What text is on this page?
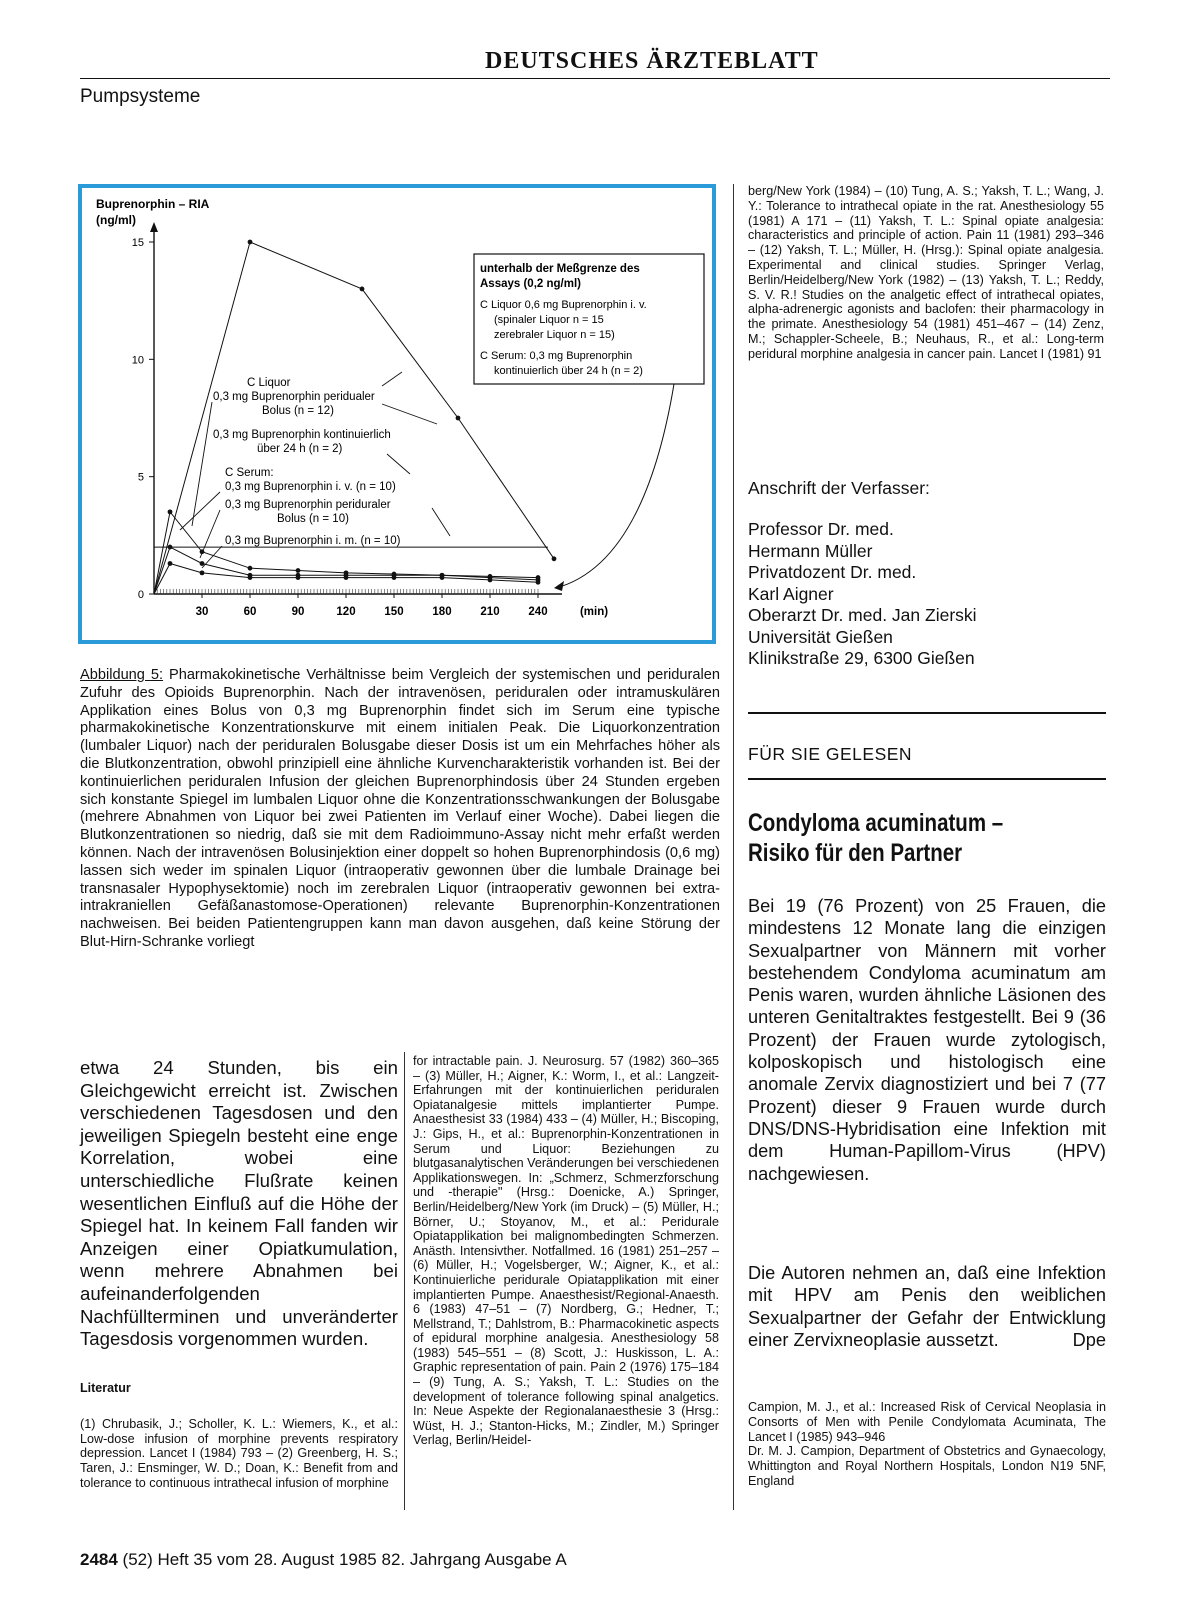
DEUTSCHES ÄRZTEBLATT
Pumpsysteme
0
5
10
15
30	60	90	120	150	180	210	240	(min)
Buprenorphin – RIA
(ng/ml)
unterhalb der Meßgrenze des
Assays (0,2 ng/ml)
C Liquor 0,6 mg Buprenorphin i. v.
(spinaler Liquor n = 15
zerebraler Liquor n = 15)
C Serum: 0,3 mg Buprenorphin
kontinuierlich über 24 h (n = 2)
C Liquor
0,3 mg Buprenorphin peridualer
Bolus (n = 12)
0,3 mg Buprenorphin kontinuierlich
über 24 h (n = 2)
C Serum:
0,3 mg Buprenorphin i. v. (n = 10)
0,3 mg Buprenorphin periduraler
Bolus (n = 10)
0,3 mg Buprenorphin i. m. (n = 10)
Abbildung 5: Pharmakokinetische Verhältnisse beim Vergleich der systemischen und periduralen Zufuhr des Opioids Buprenorphin. Nach der intravenösen, periduralen oder intramuskulären Applikation eines Bolus von 0,3 mg Buprenorphin findet sich im Serum eine typische pharmakokinetische Konzentrationskurve mit einem initialen Peak. Die Liquorkonzentration (lumbaler Liquor) nach der periduralen Bolusgabe dieser Dosis ist um ein Mehrfaches höher als die Blutkonzentration, obwohl prinzipiell eine ähnliche Kurvencharakteristik vorhanden ist. Bei der kontinuierlichen periduralen Infusion der gleichen Buprenorphindosis über 24 Stunden ergeben sich konstante Spiegel im lumbalen Liquor ohne die Konzentrationsschwankungen der Bolusgabe (mehrere Abnahmen von Liquor bei zwei Patienten im Verlauf einer Woche). Dabei liegen die Blutkonzentrationen so niedrig, daß sie mit dem Radioimmuno-Assay nicht mehr erfaßt werden können. Nach der intravenösen Bolusinjektion einer doppelt so hohen Buprenorphindosis (0,6 mg) lassen sich weder im spinalen Liquor (intraoperativ gewonnen über die lumbale Drainage bei transnasaler Hypophysektomie) noch im zerebralen Liquor (intraoperativ gewonnen bei extra-intrakraniellen Gefäßanastomose-Operationen) relevante Buprenorphin-Konzentrationen nachweisen. Bei beiden Patientengruppen kann man davon ausgehen, daß keine Störung der Blut-Hirn-Schranke vorliegt
etwa 24 Stunden, bis ein Gleichgewicht erreicht ist. Zwischen verschiedenen Tagesdosen und den jeweiligen Spiegeln besteht eine enge Korrelation, wobei eine unterschiedliche Flußrate keinen wesentlichen Einfluß auf die Höhe der Spiegel hat. In keinem Fall fanden wir Anzeigen einer Opiatkumulation, wenn mehrere Abnahmen bei aufeinanderfolgenden Nachfüllterminen und unveränderter Tagesdosis vorgenommen wurden.
Literatur
(1) Chrubasik, J.; Scholler, K. L.: Wiemers, K., et al.: Low-dose infusion of morphine prevents respiratory depression. Lancet I (1984) 793 – (2) Greenberg, H. S.; Taren, J.: Ensminger, W. D.; Doan, K.: Benefit from and tolerance to continuous intrathecal infusion of morphine
for intractable pain. J. Neurosurg. 57 (1982) 360–365 – (3) Müller, H.; Aigner, K.: Worm, I., et al.: Langzeit-Erfahrungen mit der kontinuierlichen periduralen Opiatanalgesie mittels implantierter Pumpe. Anaesthesist 33 (1984) 433 – (4) Müller, H.; Biscoping, J.: Gips, H., et al.: Buprenorphin-Konzentrationen in Serum und Liquor: Beziehungen zu blutgasanalytischen Veränderungen bei verschiedenen Applikationswegen. In: „Schmerz, Schmerzforschung und -therapie" (Hrsg.: Doenicke, A.) Springer, Berlin/Heidelberg/New York (im Druck) – (5) Müller, H.; Börner, U.; Stoyanov, M., et al.: Peridurale Opiatapplikation bei malignombedingten Schmerzen. Anästh. Intensivther. Notfallmed. 16 (1981) 251–257 – (6) Müller, H.; Vogelsberger, W.; Aigner, K., et al.: Kontinuierliche peridurale Opiatapplikation mit einer implantierten Pumpe. Anaesthesist/Regional-Anaesth. 6 (1983) 47–51 – (7) Nordberg, G.; Hedner, T.; Mellstrand, T.; Dahlstrom, B.: Pharmacokinetic aspects of epidural morphine analgesia. Anesthesiology 58 (1983) 545–551 – (8) Scott, J.: Huskisson, L. A.: Graphic representation of pain. Pain 2 (1976) 175–184 – (9) Tung, A. S.; Yaksh, T. L.: Studies on the development of tolerance following spinal analgetics. In: Neue Aspekte der Regionalanaesthesie 3 (Hrsg.: Wüst, H. J.; Stanton-Hicks, M.; Zindler, M.) Springer Verlag, Berlin/Heidel-
berg/New York (1984) – (10) Tung, A. S.; Yaksh, T. L.; Wang, J. Y.: Tolerance to intrathecal opiate in the rat. Anesthesiology 55 (1981) A 171 – (11) Yaksh, T. L.: Spinal opiate analgesia: characteristics and principle of action. Pain 11 (1981) 293–346 – (12) Yaksh, T. L.; Müller, H. (Hrsg.): Spinal opiate analgesia. Experimental and clinical studies. Springer Verlag, Berlin/Heidelberg/New York (1982) – (13) Yaksh, T. L.; Reddy, S. V. R.! Studies on the analgetic effect of intrathecal opiates, alpha-adrenergic agonists and baclofen: their pharmacology in the primate. Anesthesiology 54 (1981) 451–467 – (14) Zenz, M.; Schappler-Scheele, B.; Neuhaus, R., et al.: Long-term peridural morphine analgesia in cancer pain. Lancet I (1981) 91
Anschrift der Verfasser:
Professor Dr. med.
Hermann Müller
Privatdozent Dr. med.
Karl Aigner
Oberarzt Dr. med. Jan Zierski
Universität Gießen
Klinikstraße 29, 6300 Gießen
FÜR SIE GELESEN
Condyloma acuminatum –
Risiko für den Partner
Bei 19 (76 Prozent) von 25 Frauen, die mindestens 12 Monate lang die einzigen Sexualpartner von Männern mit vorher bestehendem Condyloma acuminatum am Penis waren, wurden ähnliche Läsionen des unteren Genitaltraktes festgestellt. Bei 9 (36 Prozent) der Frauen wurde zytologisch, kolposkopisch und histologisch eine anomale Zervix diagnostiziert und bei 7 (77 Prozent) dieser 9 Frauen wurde durch DNS/DNS-Hybridisation eine Infektion mit dem Human-Papillom-Virus (HPV) nachgewiesen.
Die Autoren nehmen an, daß eine Infektion mit HPV am Penis den weiblichen Sexualpartner der Gefahr der Entwicklung einer Zervixneoplasie aussetzt.	Dpe
Campion, M. J., et al.: Increased Risk of Cervical Neoplasia in Consorts of Men with Penile Condylomata Acuminata, The Lancet I (1985) 943–946
Dr. M. J. Campion, Department of Obstetrics and Gynaecology, Whittington and Royal Northern Hospitals, London N19 5NF, England
2484 (52) Heft 35 vom 28. August 1985 82. Jahrgang Ausgabe A
